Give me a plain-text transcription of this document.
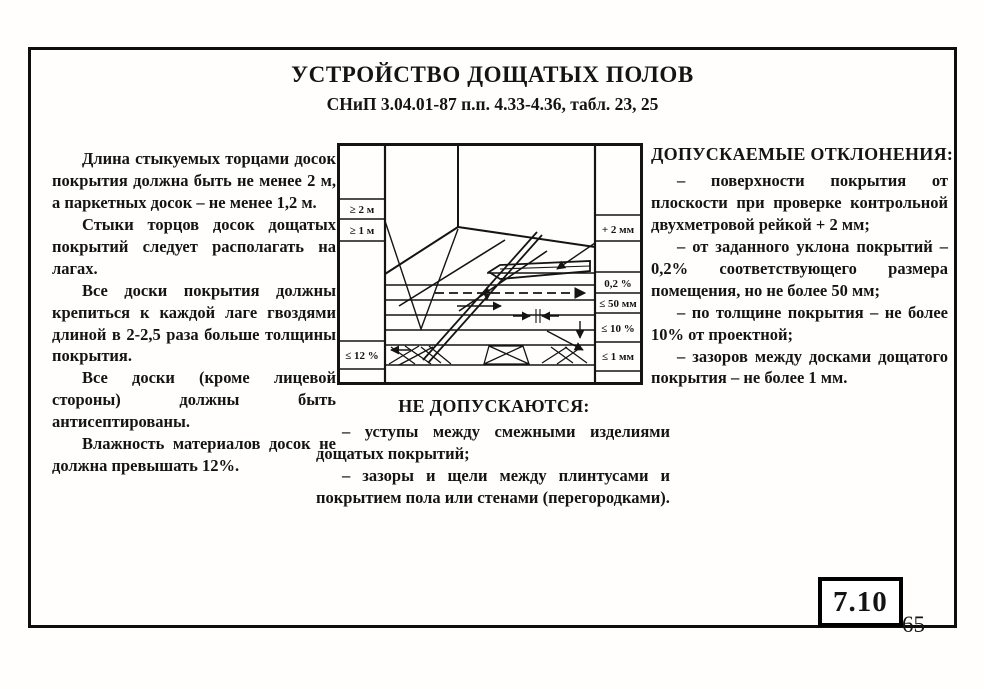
УСТРОЙСТВО ДОЩАТЫХ ПОЛОВ
СНиП 3.04.01-87 п.п. 4.33-4.36, табл. 23, 25

Длина стыкуемых торцами досок покрытия должна быть не менее 2 м, а паркетных досок – не менее 1,2 м.

Стыки торцов досок дощатых покрытий следует располагать на лагах.

Все доски покрытия должны крепиться к каждой лаге гвоздями длиной в 2-2,5 раза больше толщины покрытия.

Все доски (кроме лицевой стороны) должны быть антисептированы.

Влажность материалов досок не должна превышать 12%.

≥ 2 м
≥ 1 м
≤ 12 %
+ 2 мм
0,2 %
≤ 50 мм
≤ 10 %
≤ 1 мм

ДОПУСКАЕМЫЕ ОТКЛОНЕНИЯ:

– поверхности покрытия от плоскости при проверке контрольной двухметровой рейкой + 2 мм;

– от заданного уклона покрытий – 0,2% соответствующего размера помещения, но не более 50 мм;

– по толщине покрытия – не более 10% от проектной;

– зазоров между досками дощатого покрытия – не более 1 мм.

НЕ ДОПУСКАЮТСЯ:

– уступы между смежными изделиями дощатых покрытий;

– зазоры и щели между плинтусами и покрытием пола или стенами (перегородками).

7.10
65
